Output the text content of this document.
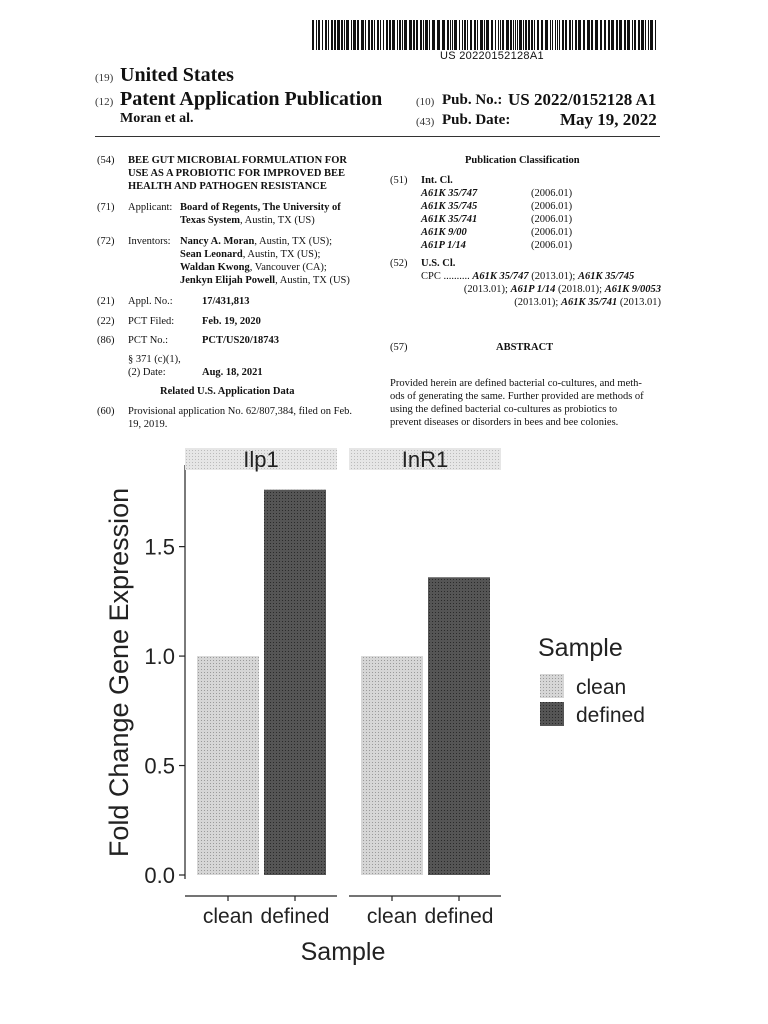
US 20220152128A1
(19) United States
(12) Patent Application Publication
Moran et al.
(10) Pub. No.: US 2022/0152128 A1
(43) Pub. Date:	May 19, 2022
(54) BEE GUT MICROBIAL FORMULATION FOR
USE AS A PROBIOTIC FOR IMPROVED BEE
HEALTH AND PATHOGEN RESISTANCE
(71) Applicant: Board of Regents, The University of
Texas System, Austin, TX (US)
(72) Inventors: Nancy A. Moran, Austin, TX (US);
Sean Leonard, Austin, TX (US);
Waldan Kwong, Vancouver (CA);
Jenkyn Elijah Powell, Austin, TX (US)
(21) Appl. No.:	17/431,813
(22) PCT Filed:	Feb. 19, 2020
(86) PCT No.:	PCT/US20/18743
§ 371 (c)(1),
(2) Date:	Aug. 18, 2021
Related U.S. Application Data
(60) Provisional application No. 62/807,384, filed on Feb.
19, 2019.
Publication Classification
(51) Int. Cl.
A61K 35/747	(2006.01)
A61K 35/745	(2006.01)
A61K 35/741	(2006.01)
A61K 9/00	(2006.01)
A61P 1/14	(2006.01)
(52) U.S. Cl.
CPC .......... A61K 35/747 (2013.01); A61K 35/745
(2013.01); A61P 1/14 (2018.01); A61K 9/0053
(2013.01); A61K 35/741 (2013.01)
(57)	ABSTRACT
Provided herein are defined bacterial co-cultures, and meth-
ods of generating the same. Further provided are methods of
using the defined bacterial co-cultures as probiotics to
prevent diseases or disorders in bees and bee colonies.
0.0
0.5
1.0
1.5
Fold Change Gene Expression
Ilp1
clean defined
InR1
clean defined
Sample
Sample
clean
defined
